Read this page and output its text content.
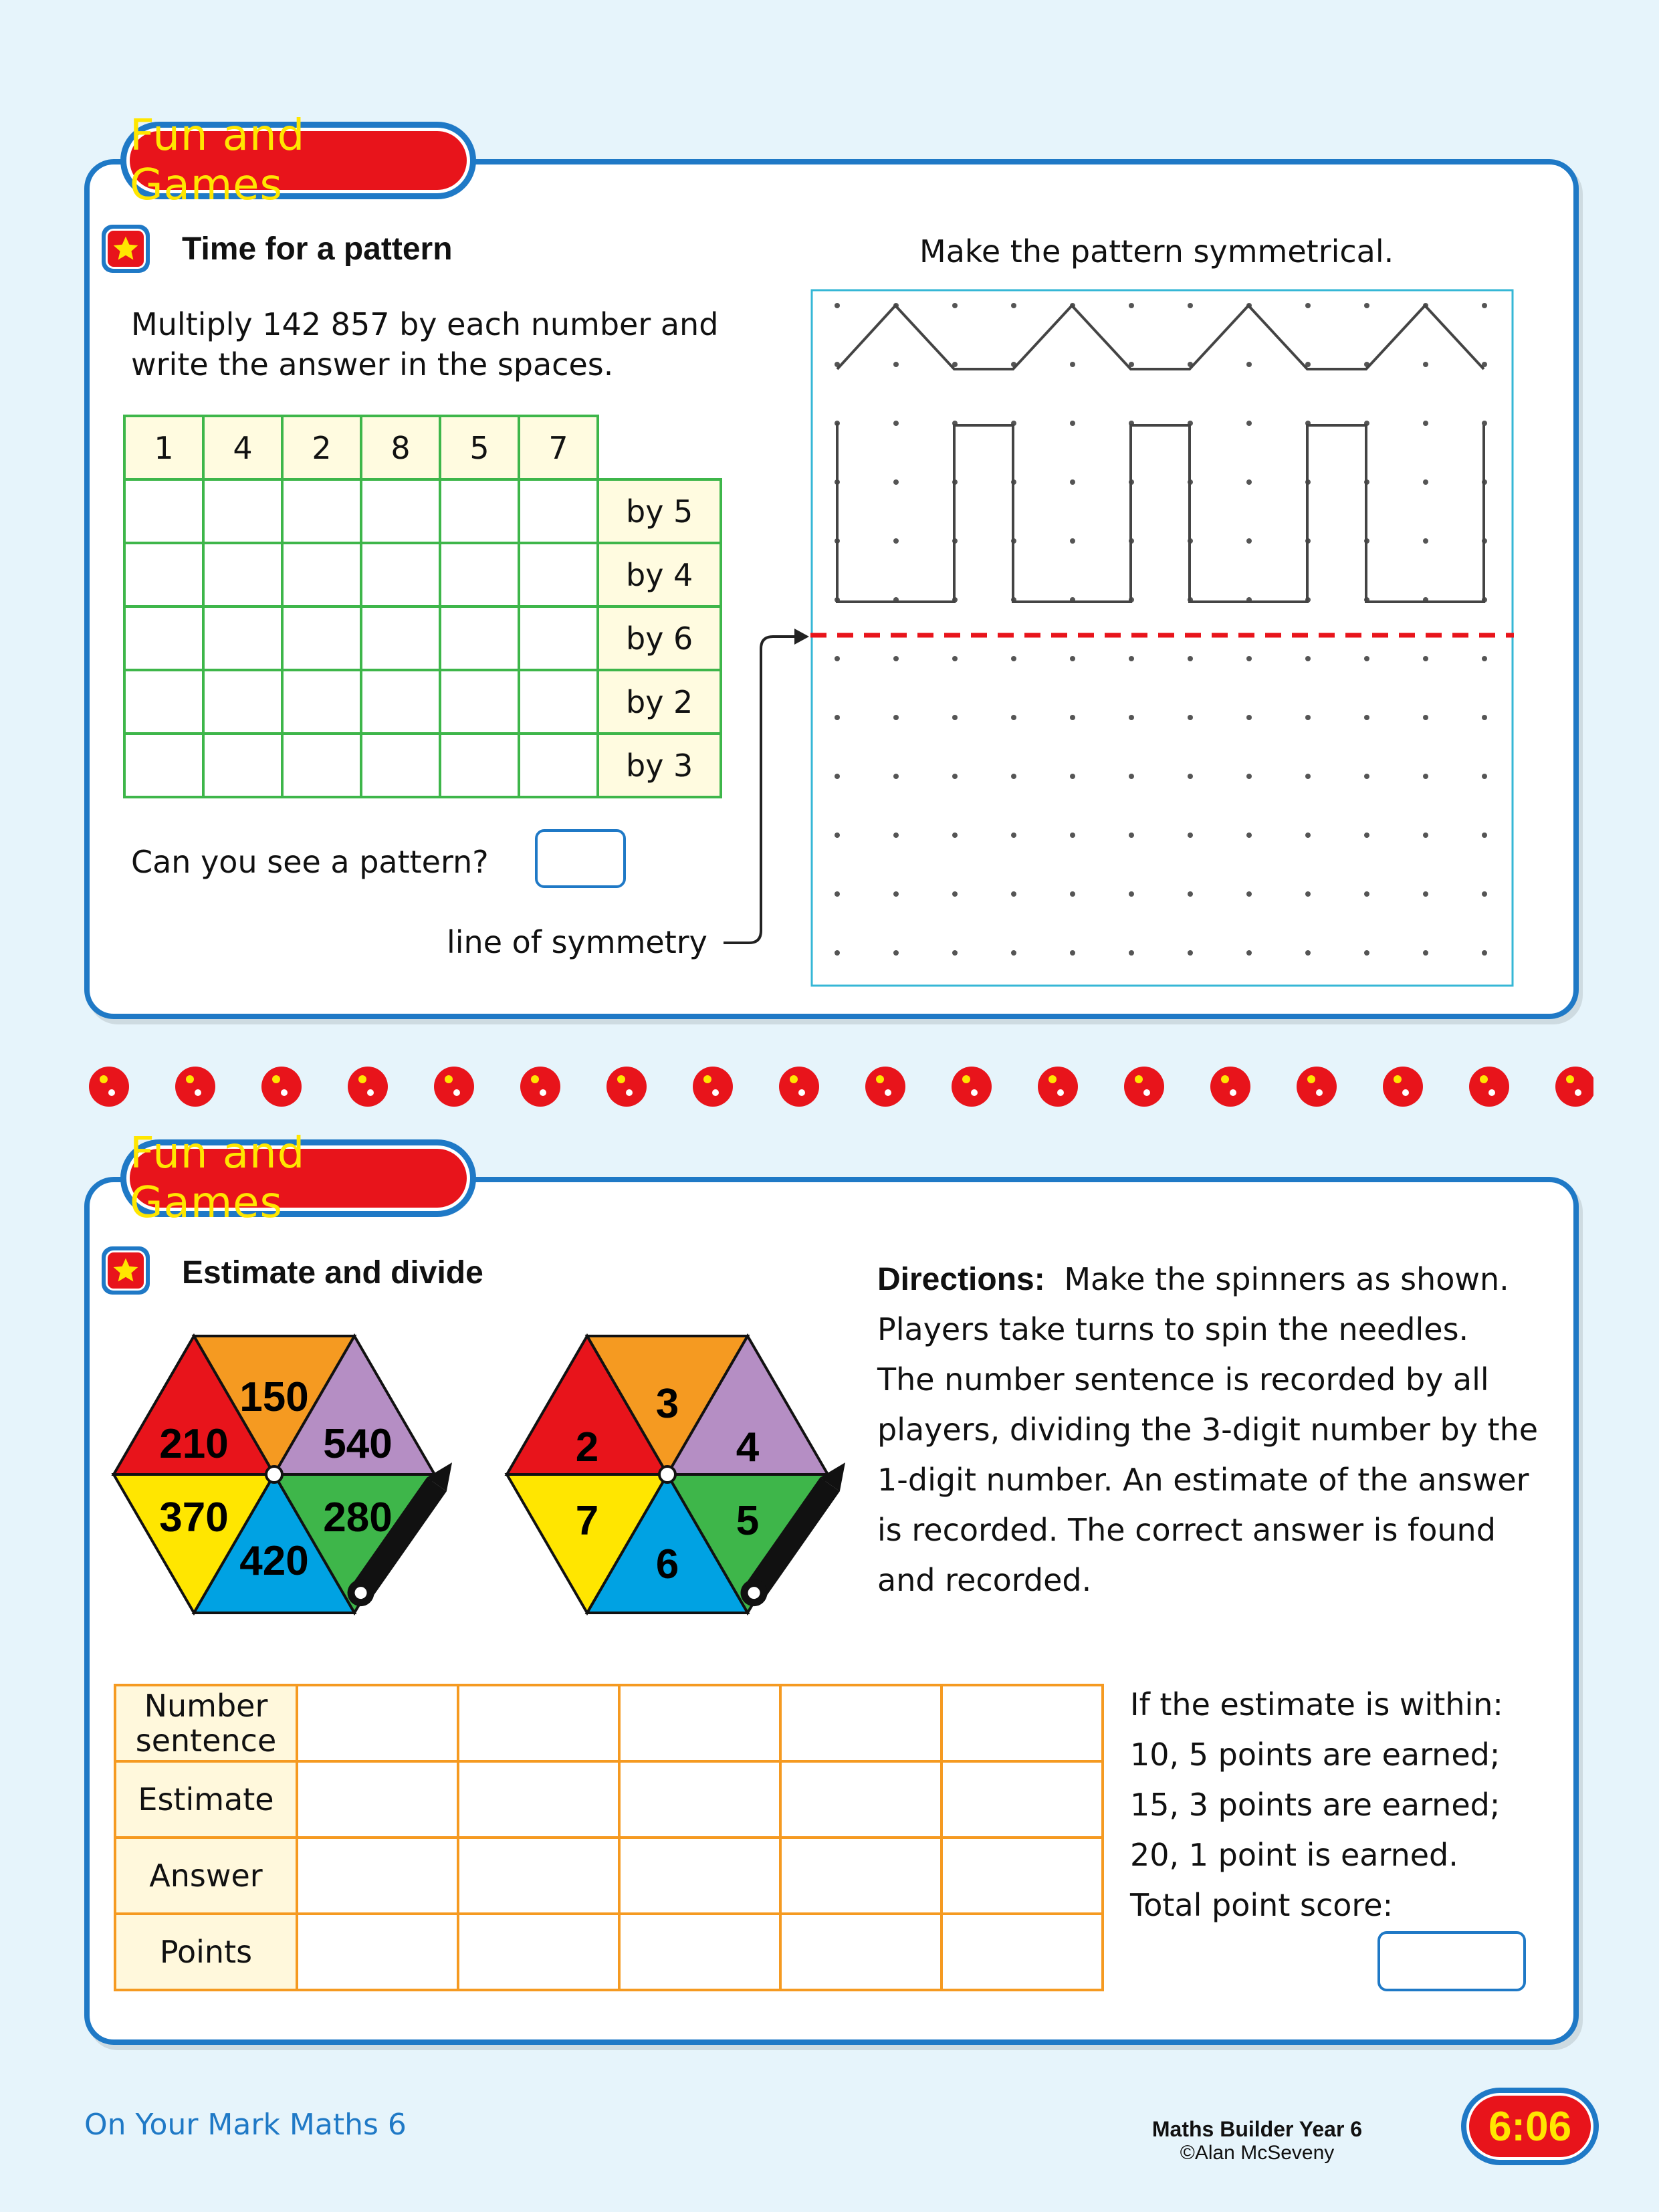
Fun and Games
Time for a pattern
Multiply 142 857 by each number and
write the answer in the spaces.
1	4	2	8	5	7	
						by 5
						by 4
						by 6
						by 2
						by 3
Can you see a pattern?
Make the pattern symmetrical.
line of symmetry
Fun and Games
Estimate and divide
150
540
280
420
370
210
3
4
5
6
7
2
Directions: Make the spinners as shown.
Players take turns to spin the needles.
The number sentence is recorded by all
players, dividing the 3-digit number by the
1-digit number. An estimate of the answer
is recorded. The correct answer is found
and recorded.
Number sentence					
Estimate					
Answer					
Points					
If the estimate is within:
10, 5 points are earned;
15, 3 points are earned;
20, 1 point is earned.
Total point score:
On Your Mark Maths 6	Maths Builder Year 6
©Alan McSeveny
6:06
